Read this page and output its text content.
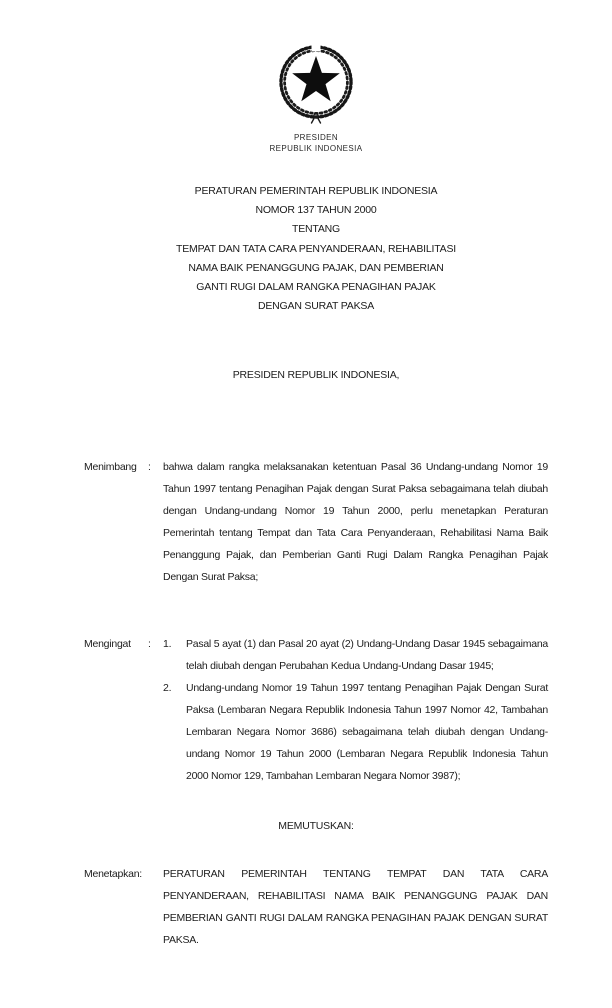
PRESIDEN
REPUBLIK INDONESIA
PERATURAN PEMERINTAH REPUBLIK INDONESIA
NOMOR 137 TAHUN 2000
TENTANG
TEMPAT DAN TATA CARA PENYANDERAAN, REHABILITASI
NAMA BAIK PENANGGUNG PAJAK, DAN PEMBERIAN
GANTI RUGI DALAM RANGKA PENAGIHAN PAJAK
DENGAN SURAT PAKSA
PRESIDEN REPUBLIK INDONESIA,
Menimbang	:	bahwa dalam rangka melaksanakan ketentuan Pasal 36 Undang-undang Nomor 19 Tahun 1997 tentang Penagihan Pajak dengan Surat Paksa sebagaimana telah diubah dengan Undang-undang Nomor 19 Tahun 2000, perlu menetapkan Peraturan Pemerintah tentang Tempat dan Tata Cara Penyanderaan, Rehabilitasi Nama Baik Penanggung Pajak, dan Pemberian Ganti Rugi Dalam Rangka Penagihan Pajak Dengan Surat Paksa;
Mengingat	:	1.	Pasal 5 ayat (1) dan Pasal 20 ayat (2) Undang-Undang Dasar 1945 sebagaimana telah diubah dengan Perubahan Kedua Undang-Undang Dasar 1945;
2.	Undang-undang Nomor 19 Tahun 1997 tentang Penagihan Pajak Dengan Surat Paksa (Lembaran Negara Republik Indonesia Tahun 1997 Nomor 42, Tambahan Lembaran Negara Nomor 3686) sebagaimana telah diubah dengan Undang-undang Nomor 19 Tahun 2000 (Lembaran Negara Republik Indonesia Tahun 2000 Nomor 129, Tambahan Lembaran Negara Nomor 3987);
MEMUTUSKAN:
Menetapkan:	PERATURAN PEMERINTAH TENTANG TEMPAT DAN TATA CARA PENYANDERAAN, REHABILITASI NAMA BAIK PENANGGUNG PAJAK DAN PEMBERIAN GANTI RUGI DALAM RANGKA PENAGIHAN PAJAK DENGAN SURAT PAKSA.
